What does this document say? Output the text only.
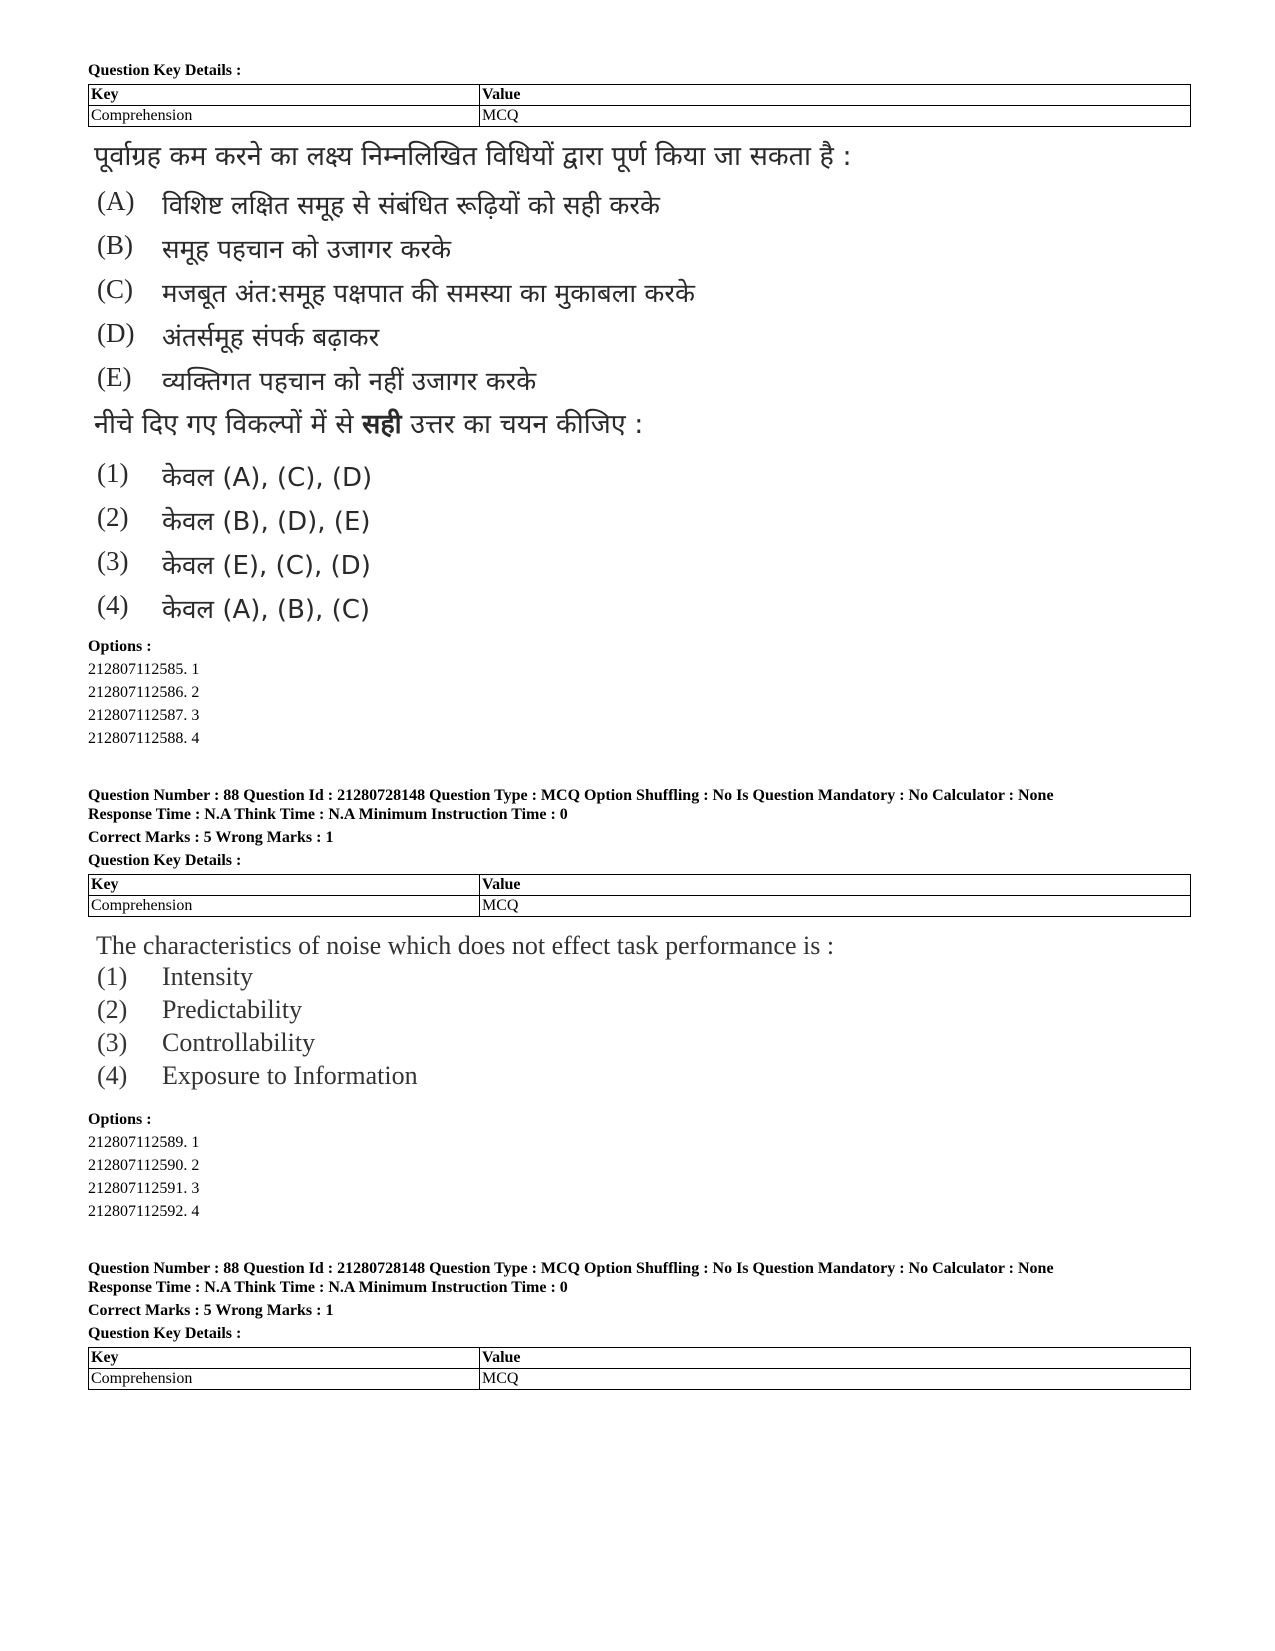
Question Key Details :
Key	Value
Comprehension	MCQ
पूर्वाग्रह कम करने का लक्ष्य निम्नलिखित विधियों द्वारा पूर्ण किया जा सकता है :
(A) विशिष्ट लक्षित समूह से संबंधित रूढ़ियों को सही करके
(B) समूह पहचान को उजागर करके
(C) मजबूत अंत:समूह पक्षपात की समस्या का मुकाबला करके
(D) अंतर्समूह संपर्क बढ़ाकर
(E) व्यक्तिगत पहचान को नहीं उजागर करके
नीचे दिए गए विकल्पों में से सही उत्तर का चयन कीजिए :
(1) केवल (A), (C), (D)
(2) केवल (B), (D), (E)
(3) केवल (E), (C), (D)
(4) केवल (A), (B), (C)
Options :
212807112585. 1
212807112586. 2
212807112587. 3
212807112588. 4
Question Number : 88 Question Id : 21280728148 Question Type : MCQ Option Shuffling : No Is Question Mandatory : No Calculator : None
Response Time : N.A Think Time : N.A Minimum Instruction Time : 0
Correct Marks : 5 Wrong Marks : 1
Question Key Details :
Key	Value
Comprehension	MCQ
The characteristics of noise which does not effect task performance is :
(1) Intensity
(2) Predictability
(3) Controllability
(4) Exposure to Information
Options :
212807112589. 1
212807112590. 2
212807112591. 3
212807112592. 4
Question Number : 88 Question Id : 21280728148 Question Type : MCQ Option Shuffling : No Is Question Mandatory : No Calculator : None
Response Time : N.A Think Time : N.A Minimum Instruction Time : 0
Correct Marks : 5 Wrong Marks : 1
Question Key Details :
Key	Value
Comprehension	MCQ
